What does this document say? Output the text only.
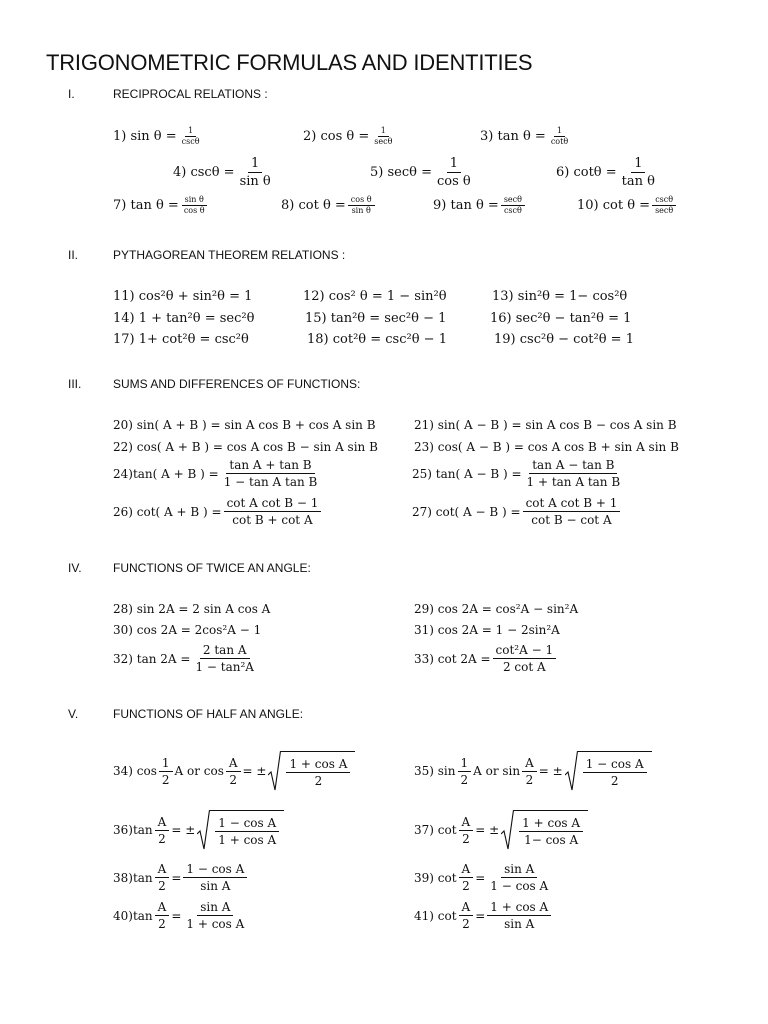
TRIGONOMETRIC FORMULAS AND IDENTITIES
I.	RECIPROCAL RELATIONS :
1) $\sin \theta = \frac{1}{\csc\theta}$	2) $\cos \theta = \frac{1}{\sec\theta}$	3) $\tan \theta = \frac{1}{\cot\theta}$
4) $\csc\theta = \frac{1}{\text{sin θ}}$	5) $\sec\theta = \frac{1}{\text{cos θ}}$	6) $\cot\theta = \frac{1}{\text{tan θ}}$
7) $\tan \theta = \frac{\text{sin θ}}{\text{cos θ}}$	8) $\cot \theta = \frac{\text{cos θ}}{\text{sin θ}}$	9) $\tan \theta = \frac{\sec\theta}{\csc\theta}$	10) $\cot \theta = \frac{\csc\theta}{\sec\theta}$
II.	PYTHAGOREAN THEOREM RELATIONS :
11) cos²θ + sin²θ = 1	12) cos² θ = 1 − sin²θ	13) sin²θ = 1− cos²θ
14) 1 + tan²θ = sec²θ	15) tan²θ = sec²θ − 1	16) sec²θ − tan²θ = 1
17) 1+ cot²θ = csc²θ	18) cot²θ = csc²θ − 1	19) csc²θ − cot²θ = 1
III.	SUMS AND DIFFERENCES OF FUNCTIONS:
20) sin( A + B ) = sin A cos B + cos A sin B	21) sin( A − B ) = sin A cos B − cos A sin B
22) cos( A + B ) = cos A cos B − sin A sin B	23) cos( A − B ) = cos A cos B + sin A sin B
24)tan( A + B ) = $\frac{\text{tan A + tan B}}{\text{1 − tan A tan B}}$	25) tan( A − B ) = $\frac{\text{tan A − tan B}}{\text{1 + tan A tan B}}$
26) cot( A + B ) = $\frac{\text{cot A cot B − 1}}{\text{cot B + cot A}}$	27) cot( A − B ) = $\frac{\text{cot A cot B + 1}}{\text{cot B − cot A}}$
IV.	FUNCTIONS OF TWICE AN ANGLE:
28) sin 2A = 2 sin A cos A	29) cos 2A = cos²A − sin²A
30) cos 2A = 2cos²A − 1	31) cos 2A = 1 − 2sin²A
32) $\tan 2A = \frac{\text{2 tan A}}{\text{1 − tan²A}}$	33) $\cot 2A = \frac{\text{cot²A − 1}}{\text{2 cot A}}$
V.	FUNCTIONS OF HALF AN ANGLE:
34) $\cos \frac{1}{2}$ A or $\cos \frac{A}{2}$ = ± $\frac{\text{1 + cos A}}{2}$	35) $\sin \frac{1}{2}$ A or $\sin \frac{A}{2}$ = ± $\frac{\text{1 − cos A}}{2}$
$36)\tan \frac{A}{2}$ = ± $\frac{\text{1 − cos A}}{\text{1 + cos A}}$	37) $\cot \frac{A}{2}$ = ± $\frac{\text{1 + cos A}}{\text{1− cos A}}$
$38)\tan \frac{A}{2} = \frac{\text{1 − cos A}}{\text{sin A}}$	39) $\cot \frac{A}{2} = \frac{\text{sin A}}{\text{1 − cos A}}$
$40)\tan \frac{A}{2} = \frac{\text{sin A}}{\text{1 + cos A}}$	41) $\cot \frac{A}{2} = \frac{\text{1 + cos A}}{\text{sin A}}$
